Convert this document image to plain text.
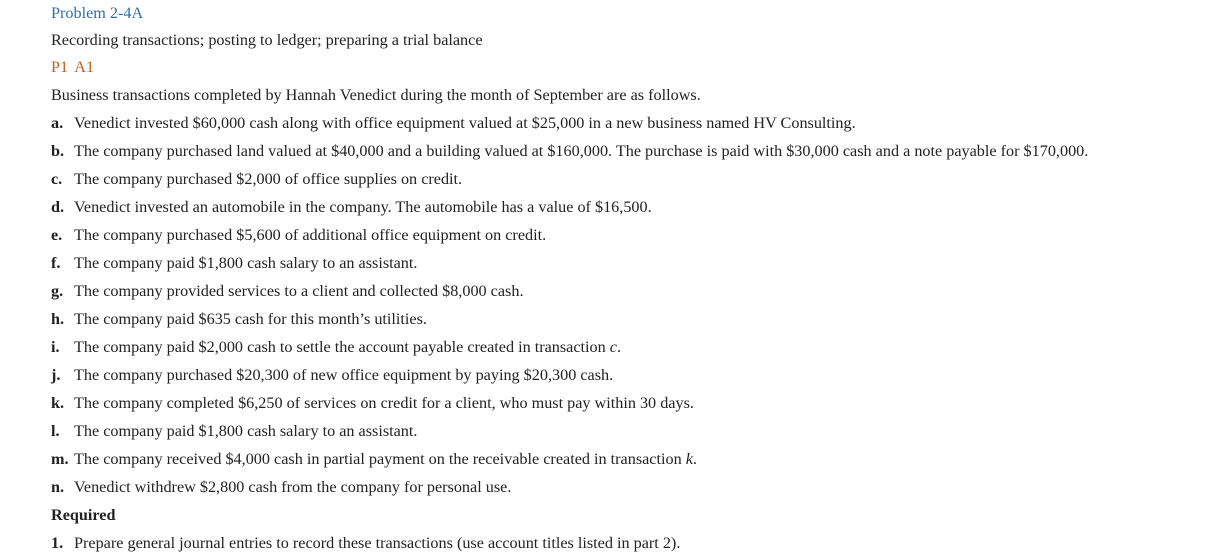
Problem 2-4A
Recording transactions; posting to ledger; preparing a trial balance
P1 A1
Business transactions completed by Hannah Venedict during the month of September are as follows.
a. Venedict invested $60,000 cash along with office equipment valued at $25,000 in a new business named HV Consulting.
b. The company purchased land valued at $40,000 and a building valued at $160,000. The purchase is paid with $30,000 cash and a note payable for $170,000.
c. The company purchased $2,000 of office supplies on credit.
d. Venedict invested an automobile in the company. The automobile has a value of $16,500.
e. The company purchased $5,600 of additional office equipment on credit.
f. The company paid $1,800 cash salary to an assistant.
g. The company provided services to a client and collected $8,000 cash.
h. The company paid $635 cash for this month’s utilities.
i. The company paid $2,000 cash to settle the account payable created in transaction c.
j. The company purchased $20,300 of new office equipment by paying $20,300 cash.
k. The company completed $6,250 of services on credit for a client, who must pay within 30 days.
l. The company paid $1,800 cash salary to an assistant.
m. The company received $4,000 cash in partial payment on the receivable created in transaction k.
n. Venedict withdrew $2,800 cash from the company for personal use.
Required
1. Prepare general journal entries to record these transactions (use account titles listed in part 2).
